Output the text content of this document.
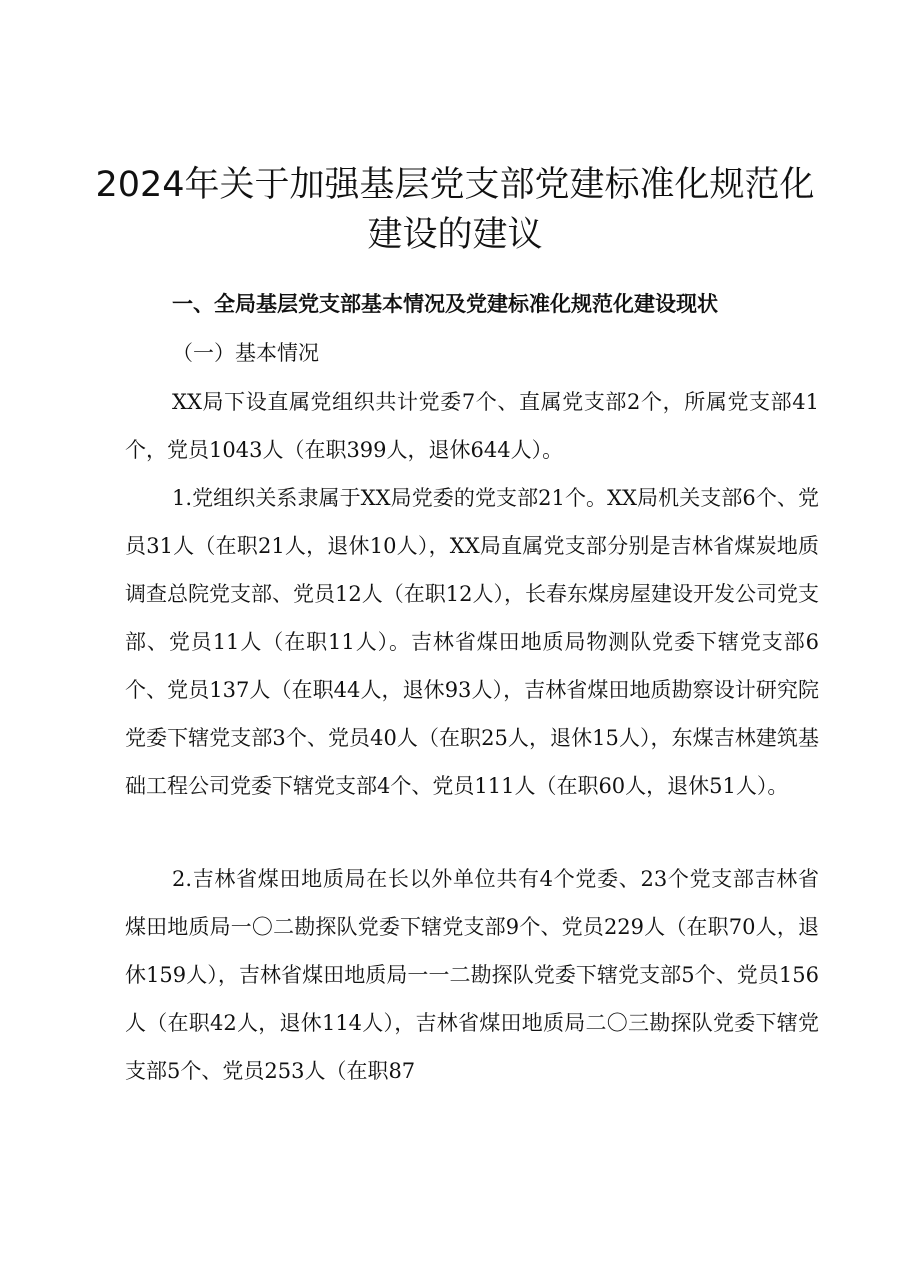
2024年关于加强基层党支部党建标准化规范化
建设的建议
一、全局基层党支部基本情况及党建标准化规范化建设现状
（一）基本情况
XX局下设直属党组织共计党委7个、直属党支部2个，所属党支部41个，党员1043人（在职399人，退休644人）。
1.党组织关系隶属于XX局党委的党支部21个。XX局机关支部6个、党员31人（在职21人，退休10人），XX局直属党支部分别是吉林省煤炭地质调查总院党支部、党员12人（在职12人），长春东煤房屋建设开发公司党支部、党员11人（在职11人）。吉林省煤田地质局物测队党委下辖党支部6个、党员137人（在职44人，退休93人），吉林省煤田地质勘察设计研究院党委下辖党支部3个、党员40人（在职25人，退休15人），东煤吉林建筑基础工程公司党委下辖党支部4个、党员111人（在职60人，退休51人）。
2.吉林省煤田地质局在长以外单位共有4个党委、23个党支部吉林省煤田地质局一〇二勘探队党委下辖党支部9个、党员229人（在职70人，退休159人），吉林省煤田地质局一一二勘探队党委下辖党支部5个、党员156人（在职42人，退休114人），吉林省煤田地质局二〇三勘探队党委下辖党支部5个、党员253人（在职87
